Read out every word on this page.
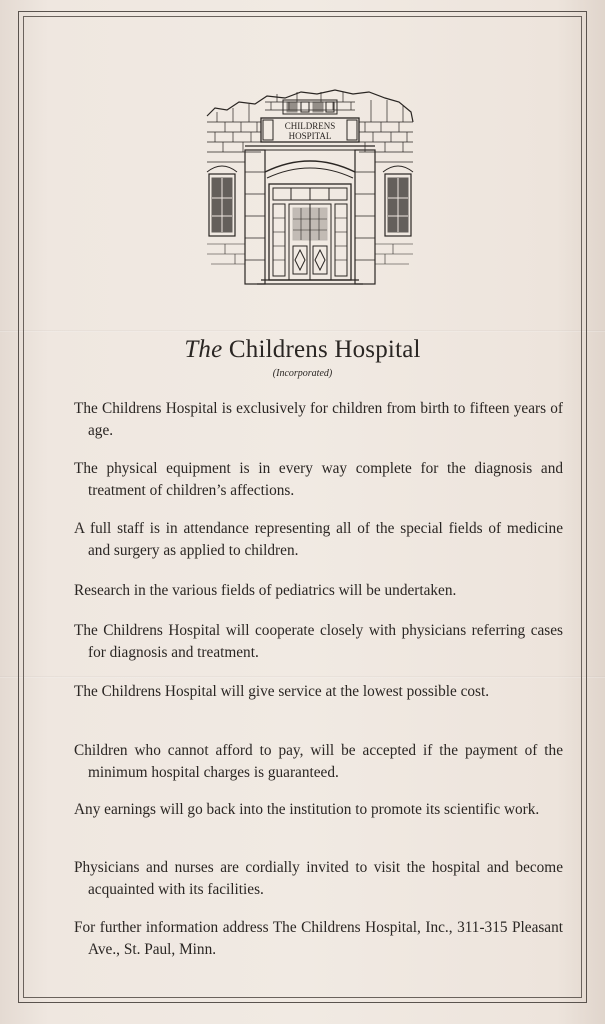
CHILDRENS
HOSPITAL
The Childrens Hospital
(Incorporated)
The Childrens Hospital is exclusively for children from birth to fifteen years of age.
The physical equipment is in every way complete for the diagnosis and treatment of children’s affections.
A full staff is in attendance representing all of the special fields of medicine and surgery as applied to children.
Research in the various fields of pediatrics will be undertaken.
The Childrens Hospital will cooperate closely with physicians referring cases for diagnosis and treatment.
The Childrens Hospital will give service at the lowest possible cost.
Children who cannot afford to pay, will be accepted if the payment of the minimum hospital charges is guaranteed.
Any earnings will go back into the institution to promote its scientific work.
Physicians and nurses are cordially invited to visit the hospital and become acquainted with its facilities.
For further information address The Childrens Hospital, Inc., 311-315 Pleasant Ave., St. Paul, Minn.
